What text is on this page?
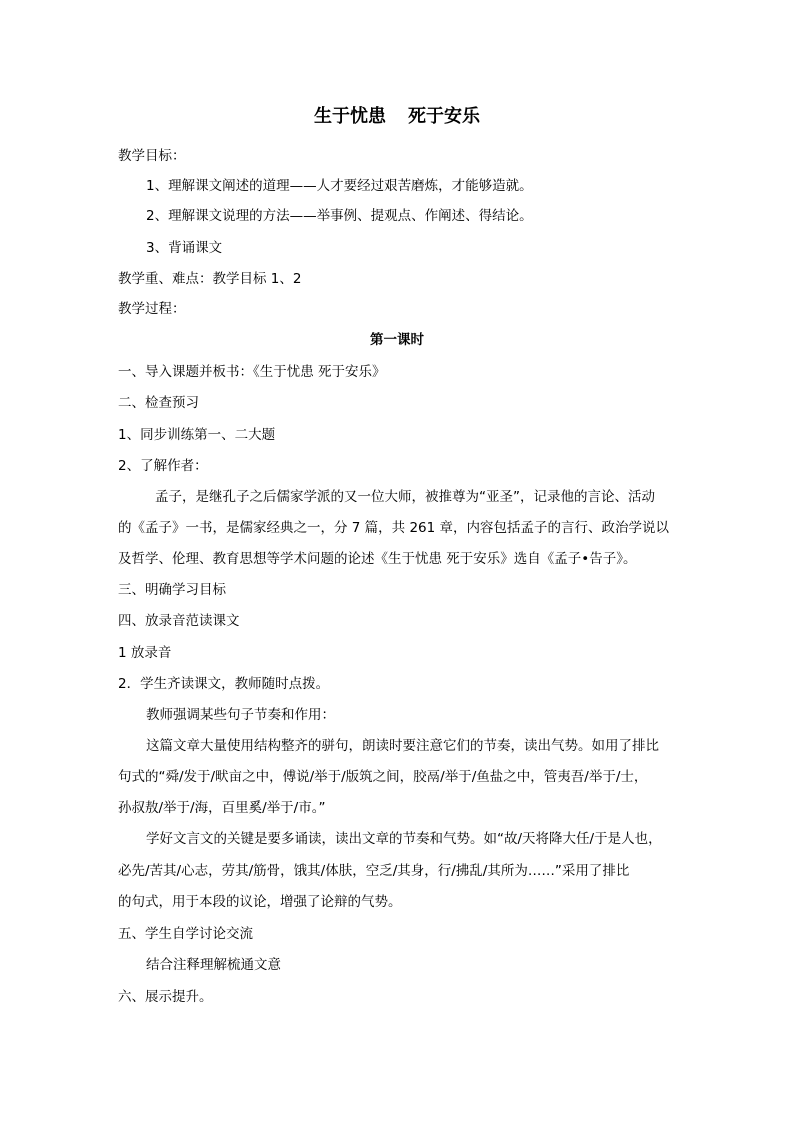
生于忧患 死于安乐
教学目标：
1、理解课文阐述的道理——人才要经过艰苦磨炼，才能够造就。
2、理解课文说理的方法——举事例、提观点、作阐述、得结论。
3、背诵课文
教学重、难点：教学目标 1、2
教学过程：
第一课时
一、导入课题并板书：《生于忧患 死于安乐》
二、检查预习
1、同步训练第一、二大题
2、了解作者：
孟子，是继孔子之后儒家学派的又一位大师，被推尊为“亚圣”，记录他的言论、活动
的《孟子》一书，是儒家经典之一，分 7 篇，共 261 章，内容包括孟子的言行、政治学说以
及哲学、伦理、教育思想等学术问题的论述《生于忧患 死于安乐》选自《孟子•告子》。
三、明确学习目标
四、放录音范读课文
1 放录音
2．学生齐读课文，教师随时点拨。
教师强调某些句子节奏和作用：
这篇文章大量使用结构整齐的骈句，朗读时要注意它们的节奏，读出气势。如用了排比
句式的“舜/发于/畎亩之中，傅说/举于/版筑之间，胶鬲/举于/鱼盐之中，管夷吾/举于/士，
孙叔敖/举于/海，百里奚/举于/市。”
学好文言文的关键是要多诵读，读出文章的节奏和气势。如“故/天将降大任/于是人也，
必先/苦其/心志，劳其/筋骨，饿其/体肤，空乏/其身，行/拂乱/其所为……”采用了排比
的句式，用于本段的议论，增强了论辩的气势。
五、学生自学讨论交流
结合注释理解梳通文意
六、展示提升。
